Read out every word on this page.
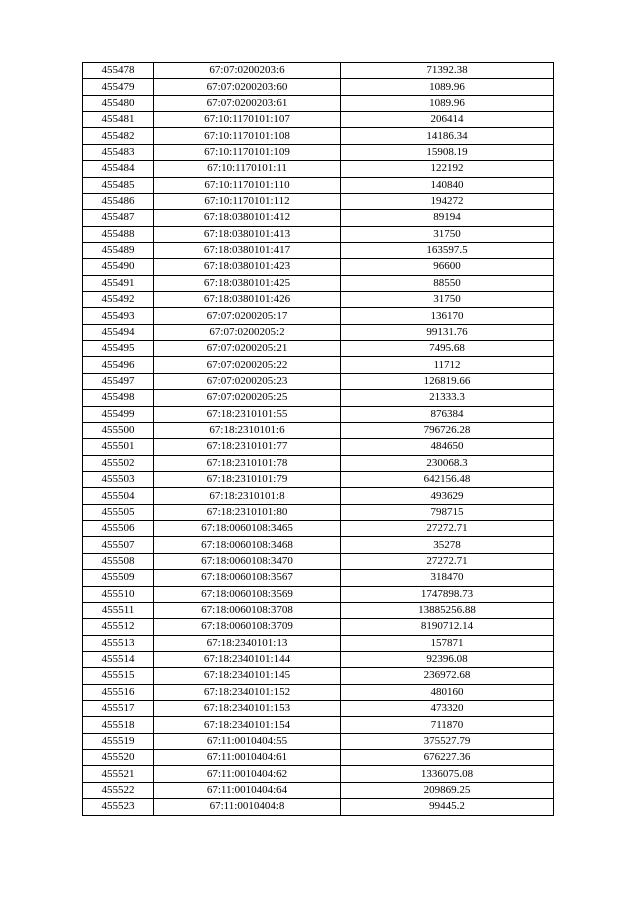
455478	67:07:0200203:6	71392.38
455479	67:07:0200203:60	1089.96
455480	67:07:0200203:61	1089.96
455481	67:10:1170101:107	206414
455482	67:10:1170101:108	14186.34
455483	67:10:1170101:109	15908.19
455484	67:10:1170101:11	122192
455485	67:10:1170101:110	140840
455486	67:10:1170101:112	194272
455487	67:18:0380101:412	89194
455488	67:18:0380101:413	31750
455489	67:18:0380101:417	163597.5
455490	67:18:0380101:423	96600
455491	67:18:0380101:425	88550
455492	67:18:0380101:426	31750
455493	67:07:0200205:17	136170
455494	67:07:0200205:2	99131.76
455495	67:07:0200205:21	7495.68
455496	67:07:0200205:22	11712
455497	67:07:0200205:23	126819.66
455498	67:07:0200205:25	21333.3
455499	67:18:2310101:55	876384
455500	67:18:2310101:6	796726.28
455501	67:18:2310101:77	484650
455502	67:18:2310101:78	230068.3
455503	67:18:2310101:79	642156.48
455504	67:18:2310101:8	493629
455505	67:18:2310101:80	798715
455506	67:18:0060108:3465	27272.71
455507	67:18:0060108:3468	35278
455508	67:18:0060108:3470	27272.71
455509	67:18:0060108:3567	318470
455510	67:18:0060108:3569	1747898.73
455511	67:18:0060108:3708	13885256.88
455512	67:18:0060108:3709	8190712.14
455513	67:18:2340101:13	157871
455514	67:18:2340101:144	92396.08
455515	67:18:2340101:145	236972.68
455516	67:18:2340101:152	480160
455517	67:18:2340101:153	473320
455518	67:18:2340101:154	711870
455519	67:11:0010404:55	375527.79
455520	67:11:0010404:61	676227.36
455521	67:11:0010404:62	1336075.08
455522	67:11:0010404:64	209869.25
455523	67:11:0010404:8	99445.2
